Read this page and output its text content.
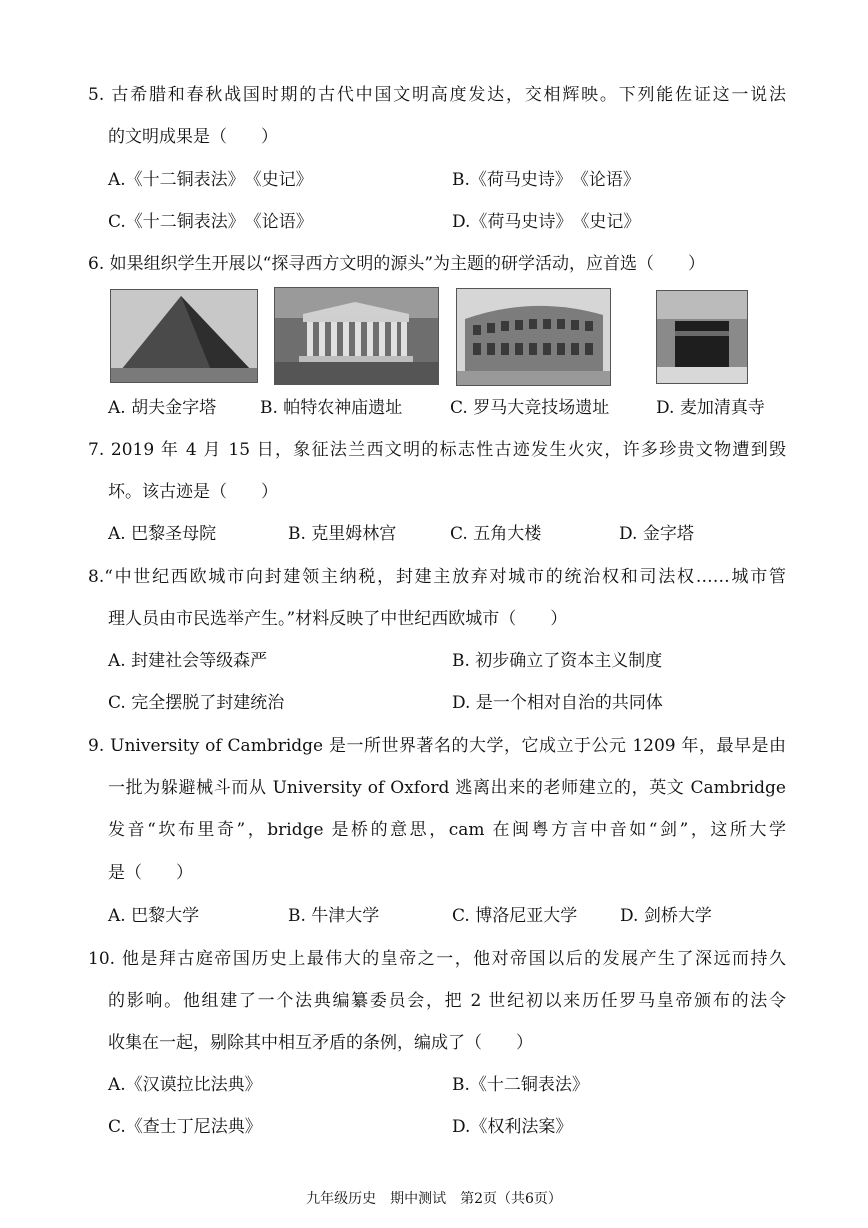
5. 古希腊和春秋战国时期的古代中国文明高度发达，交相辉映。下列能佐证这一说法
的文明成果是（　　）
A.《十二铜表法》　《史记》	B.《荷马史诗》　《论语》
C.《十二铜表法》　《论语》	D.《荷马史诗》　《史记》
6. 如果组织学生开展以“探寻西方文明的源头”为主题的研学活动，应首选（　　）
A. 胡夫金字塔	B. 帕特农神庙遗址	C. 罗马大竞技场遗址	D. 麦加清真寺
7. 2019 年 4 月 15 日，象征法兰西文明的标志性古迹发生火灾，许多珍贵文物遭到毁
坏。该古迹是（　　）
A. 巴黎圣母院	B. 克里姆林宫	C. 五角大楼	D. 金字塔
8.“中世纪西欧城市向封建领主纳税，封建主放弃对城市的统治权和司法权……城市管
理人员由市民选举产生。”材料反映了中世纪西欧城市（　　）
A. 封建社会等级森严	B. 初步确立了资本主义制度
C. 完全摆脱了封建统治	D. 是一个相对自治的共同体
9. University of Cambridge 是一所世界著名的大学，它成立于公元 1209 年，最早是由
一批为躲避械斗而从 University of Oxford 逃离出来的老师建立的，英文 Cambridge
发音“坎布里奇”，bridge 是桥的意思，cam 在闽粤方言中音如“剑”，这所大学
是（　　）
A. 巴黎大学	B. 牛津大学	C. 博洛尼亚大学	D. 剑桥大学
10. 他是拜古庭帝国历史上最伟大的皇帝之一，他对帝国以后的发展产生了深远而持久
的影响。他组建了一个法典编纂委员会，把 2 世纪初以来历任罗马皇帝颁布的法令
收集在一起，剔除其中相互矛盾的条例，编成了（　　）
A.《汉谟拉比法典》	B.《十二铜表法》
C.《查士丁尼法典》	D.《权利法案》
九年级历史　期中测试　第2页（共6页）
